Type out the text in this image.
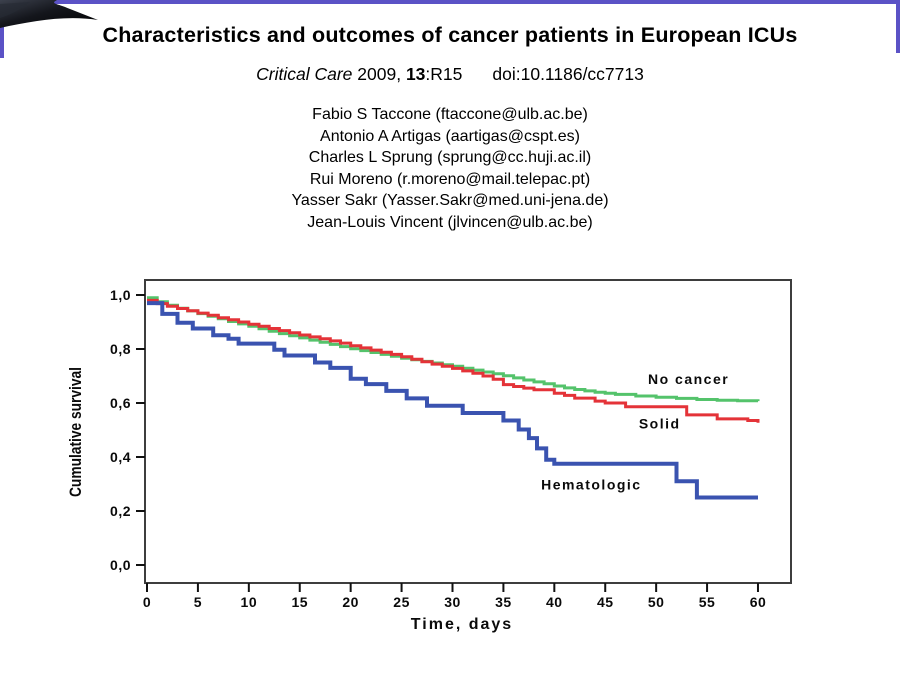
Characteristics and outcomes of cancer patients in European ICUs
Critical Care 2009, 13:R15 doi:10.1186/cc7713
Fabio S Taccone (ftaccone@ulb.ac.be)
Antonio A Artigas (aartigas@cspt.es)
Charles L Sprung (sprung@cc.huji.ac.il)
Rui Moreno (r.moreno@mail.telepac.pt)
Yasser Sakr (Yasser.Sakr@med.uni-jena.de)
Jean-Louis Vincent (jlvincen@ulb.ac.be)
1,0
0,8
0,6
0,4
0,2
0,0
0	5	10 15 20 25 30 35 40 45 50 55 60
No cancer
Solid
Hematologic
Time, days
Cumulative survival
